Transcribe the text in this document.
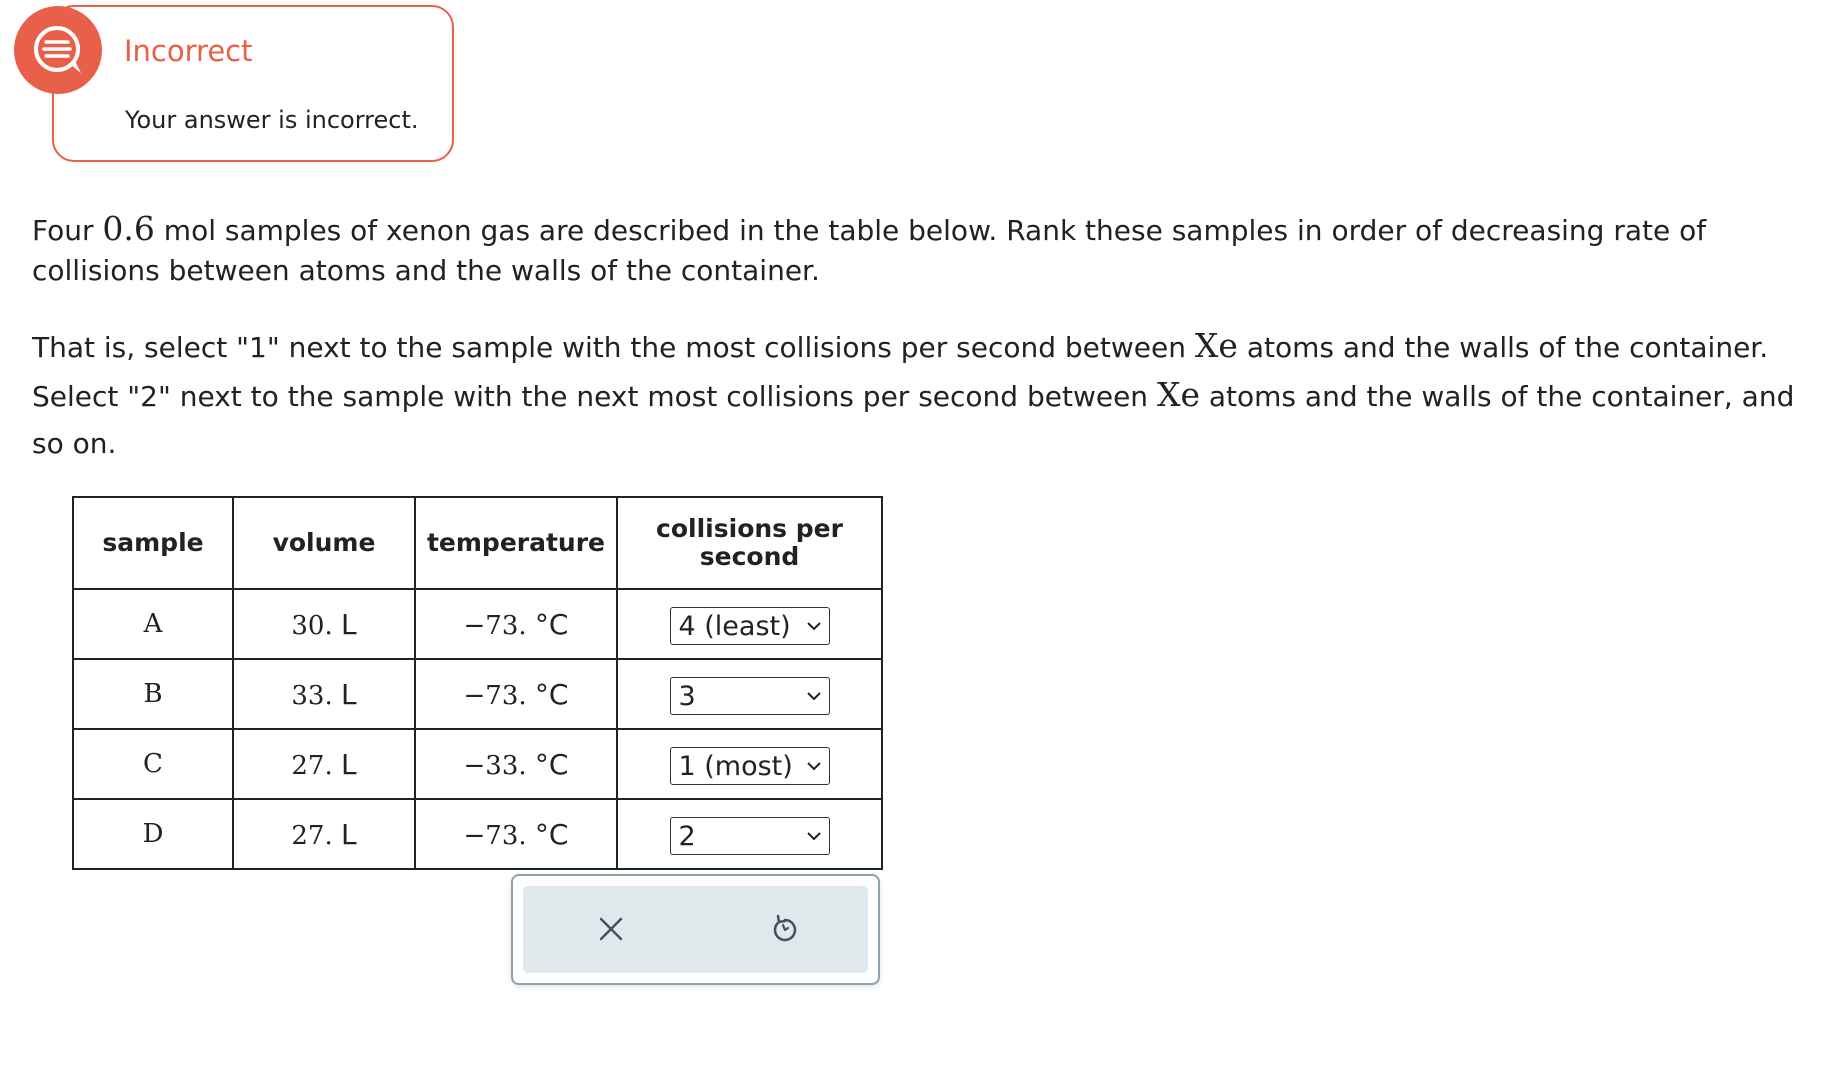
Incorrect
Your answer is incorrect.
Four 0.6 mol samples of xenon gas are described in the table below. Rank these samples in order of decreasing rate of collisions between atoms and the walls of the container.
That is, select "1" next to the sample with the most collisions per second between Xe atoms and the walls of the container. Select "2" next to the sample with the next most collisions per second between Xe atoms and the walls of the container, and so on.
sample	volume	temperature	collisions per second

A	30. L	−73. °C	4 (least)

B	33. L	−73. °C	3

C	27. L	−33. °C	1 (most)

D	27. L	−73. °C	2
